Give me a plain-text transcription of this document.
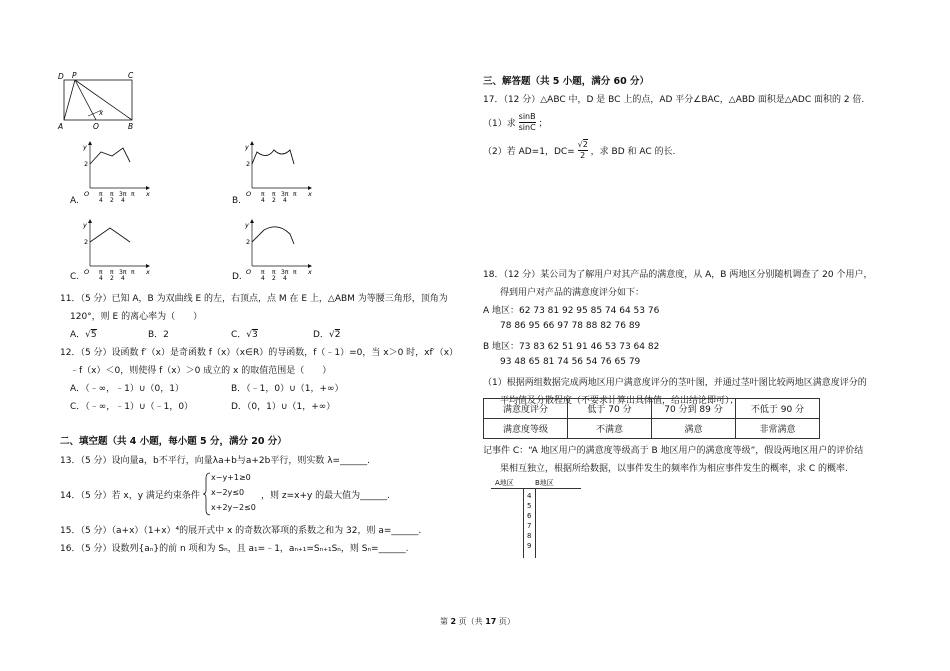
D P	C
A	O	B
x
y
2
O	x
π
4
π
2
3π
4
π
A.
y
2
O	x
π
4
π
2
3π
4
π
B.
y
2
O	x
π
4
π
2
3π
4
π
C.
y
2
O	x
π
4
π
2
3π
4
π
D.
11．（5 分）已知 A，B 为双曲线 E 的左，右顶点，点 M 在 E 上，△ABM 为等腰三角形，顶角为
120°，则 E 的离心率为（　　）
A．√5	B．2	C．√3	D．√2
12．（5 分）设函数 f′（x）是奇函数 f（x）（x∈R）的导函数，f（﹣1）=0，当 x＞0 时，xf′（x）
﹣f（x）＜0，则使得 f（x）＞0 成立的 x 的取值范围是（　　）
A．（﹣∞，﹣1）∪（0，1）	B．（﹣1，0）∪（1，+∞）
C．（﹣∞，﹣1）∪（﹣1，0）	D．（0，1）∪（1，+∞）
二、填空题（共 4 小题，每小题 5 分，满分 20 分）
13．（5 分）设向量a，b不平行，向量λa+b与a+2b平行，则实数 λ=______.
14．（5 分）若 x，y 满足约束条件
x−y+1≥0
x−2y≤0
x+2y−2≤0
，则 z=x+y 的最大值为______.
15．（5 分）（a+x）（1+x）⁴的展开式中 x 的奇数次幂项的系数之和为 32，则 a=______.
16．（5 分）设数列{aₙ}的前 n 项和为 Sₙ，且 a₁=﹣1，aₙ₊₁=Sₙ₊₁Sₙ，则 Sₙ=______.
三、解答题（共 5 小题，满分 60 分）
17．（12 分）△ABC 中，D 是 BC 上的点，AD 平分∠BAC，△ABD 面积是△ADC 面积的 2 倍.
（1）求 $\frac{\sin B}{\sin C}$ ；
（2）若 AD=1，$DC= \frac{√2}{2}$ ，求 BD 和 AC 的长.
18．（12 分）某公司为了解用户对其产品的满意度，从 A，B 两地区分别随机调查了 20 个用户，
得到用户对产品的满意度评分如下：
A 地区：62 73 81 92 95 85 74 64 53 76
78 86 95 66 97 78 88 82 76 89
B 地区：73 83 62 51 91 46 53 73 64 82
93 48 65 81 74 56 54 76 65 79
（1）根据两组数据完成两地区用户满意度评分的茎叶图，并通过茎叶图比较两地区满意度评分的
平均值及分散程度（不要求计算出具体值，给出结论即可）；
满意度评分	低于 70 分	70 分到 89 分	不低于 90 分
满意度等级	不满意	满意	非常满意
记事件 C：“A 地区用户的满意度等级高于 B 地区用户的满意度等级”，假设两地区用户的评价结
果相互独立，根据所给数据，以事件发生的频率作为相应事件发生的概率，求 C 的概率.
A地区	B地区
4
5
6
7
8
9
第 2 页（共 17 页）
